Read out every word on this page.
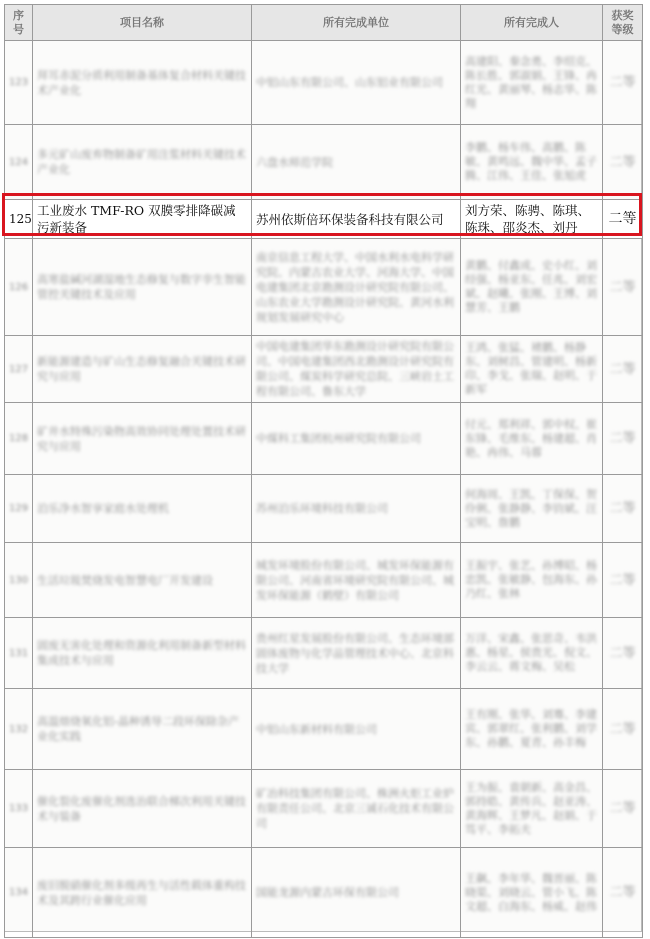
序号	项目名称	所有完成单位	所有完成人	获奖等级
123	拜耳赤泥分质利用制备基体复合材料关键技术产业化	中铝山东有限公司、山东铝业有限公司	高建阳、秦念勇、李绍克、陈长胜、郭淑娟、王锋、冉红光、黄丽琴、杨志华、陈翔	二等
124	多元矿山废弃物制备矿用注浆材料关键技术产业化	六盘水师范学院	李鹏、杨车伟、高鹏、陈敏、黄鸣远、魏中华、孟子腾、江伟、王佳、张旭虎	二等
125	工业废水 TMF-RO 双膜零排降碳减污新装备	苏州依斯倍环保装备科技有限公司	刘方荣、陈骋、陈琪、陈珠、邵炎杰、刘丹	二等
126	高寒盐碱河湖湿地生态修复与数字孪生智能管控关键技术及应用	南京信息工程大学、中国水利水电科学研究院、内蒙古农业大学、河海大学、中国电建集团北京勘测设计研究院有限公司、山东农业大学勘测设计研究院、黄河水利规划发展研究中心	黄鹏、付鑫成、史小红、刘经强、杨亚东、任兆、刘宏斌、赵曦、张刚、王博、刘慧芳、王鹏	二等
127	新能源建造与矿山生态修复融合关键技术研究与应用	中国电建集团华东勘测设计研究院有限公司、中国电建集团西北勘测设计研究院有限公司、煤炭科学研究总院、三峡岩土工程有限公司、鲁东大学	王鸿、张猛、褚鹏、杨静东、刘树昌、管建明、杨新印、李戈、张瑞、赵明、于新军	二等
128	矿井水特殊污染物高效协同处理处置技术研究与应用	中煤科工集团杭州研究院有限公司	付元、郑利祥、郭中权、崔东锋、毛维东、杨建超、肖艳、冉伟、马蓉	二等
129	泊乐净水智享家庭水处理机	苏州泊乐环境科技有限公司	何海周、王凯、丁保保、贺伶俐、张静静、李钧斌、汪宝明、詹鹏	二等
130	生活垃圾焚烧发电智慧电厂开发建设	城发环境股份有限公司、城发环保能源有限公司、河南省环境研究院有限公司、城发环保能源（鹤壁）有限公司	王振宇、张艺、孙博昭、杨忠凯、张敏静、包海东、孙乃红、张林	二等
131	固废无害化处理和资源化利用制备新型材料集成技术与应用	贵州红星发展股份有限公司、生态环境部固体废物与化学品管理技术中心、北京科技大学	万洋、宋鑫、张思奇、韦洪惠、杨星、侯贵光、倪文、李云云、蒋文梅、吴松	二等
132	高温熔烧氧化铝-晶种诱导二段环保除杂产业化实践	中铝山东新材料有限公司	王有刚、张华、刘骞、李建宾、郭翠红、张利鹏、刘学东、孙鹏、夏青、孙丰梅	二等
133	催化裂化废催化剂选治联合梯次利用关键技术与装备	矿冶科技集团有限公司、株洲火炬工业炉有限责任公司、北京三诚石化技术有限公司	王为振、袁朝新、高金昌、郭持皓、黄传兵、赵亚涛、黄海辉、王梦凡、赵娟、于笃平、李拓夫	二等
134	废旧脱硝催化剂多级再生与活性载体重构技术及其跨行业催化应用	国能龙源内蒙古环保有限公司	王飙、李年华、魏晋丽、陈晓渠、刘晓云、管小飞、陈文超、白海东、杨威、赵伟	二等
